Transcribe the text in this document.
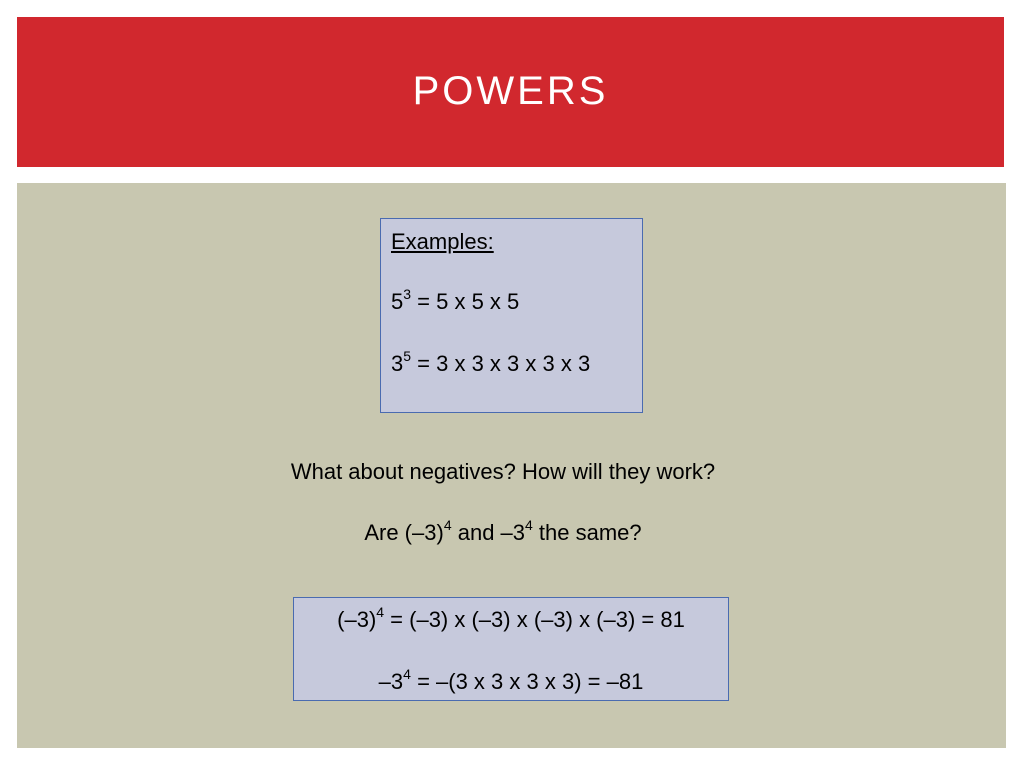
POWERS
Examples:
$5^3 = 5$ x 5 x 5
$3^5 = 3$ x 3 x 3 x 3 x 3
What about negatives? How will they work?
Are $(-3)^4$ and $-3^4$ the same?
$(-3)^4 = (-3)$ x (–3) x (–3) x (–3) = 81
$-3^4 = -(3$ x 3 x 3 x 3) = –81
